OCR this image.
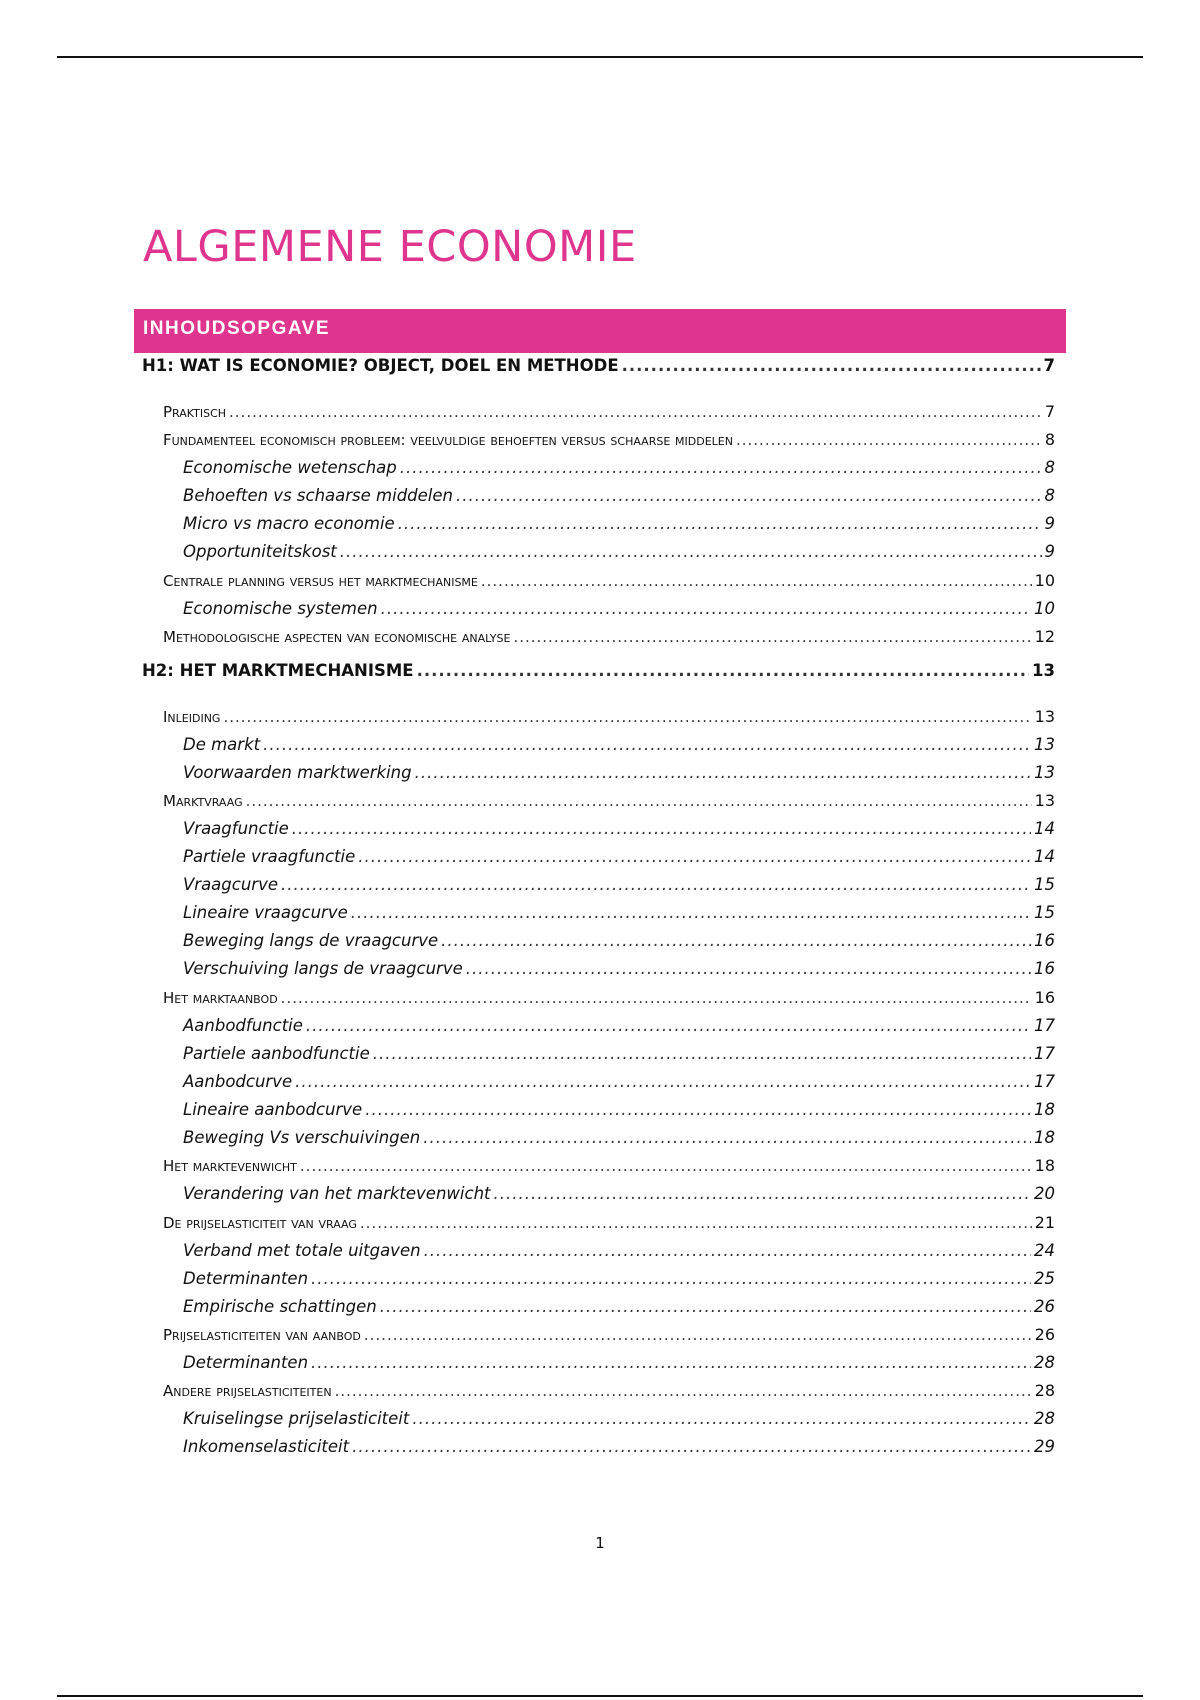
ALGEMENE ECONOMIE
INHOUDSOPGAVE
H1: WAT IS ECONOMIE? OBJECT, DOEL EN METHODE .....	7
Praktisch .....	7
Fundamenteel economisch probleem: veelvuldige behoeften versus schaarse middelen .....	8
Economische wetenschap .....	8
Behoeften vs schaarse middelen .....	8
Micro vs macro economie .....	9
Opportuniteitskost .....	9
Centrale planning versus het marktmechanisme .....	10
Economische systemen .....	10
Methodologische aspecten van economische analyse .....	12
H2: HET MARKTMECHANISME .....	13
Inleiding .....	13
De markt .....	13
Voorwaarden marktwerking .....	13
Marktvraag .....	13
Vraagfunctie .....	14
Partiele vraagfunctie .....	14
Vraagcurve .....	15
Lineaire vraagcurve .....	15
Beweging langs de vraagcurve .....	16
Verschuiving langs de vraagcurve .....	16
Het marktaanbod .....	16
Aanbodfunctie .....	17
Partiele aanbodfunctie .....	17
Aanbodcurve .....	17
Lineaire aanbodcurve .....	18
Beweging Vs verschuivingen .....	18
Het marktevenwicht .....	18
Verandering van het marktevenwicht .....	20
De prijselasticiteit van vraag .....	21
Verband met totale uitgaven .....	24
Determinanten .....	25
Empirische schattingen .....	26
Prijselasticiteiten van aanbod .....	26
Determinanten .....	28
Andere prijselasticiteiten .....	28
Kruiselingse prijselasticiteit .....	28
Inkomenselasticiteit .....	29
1
